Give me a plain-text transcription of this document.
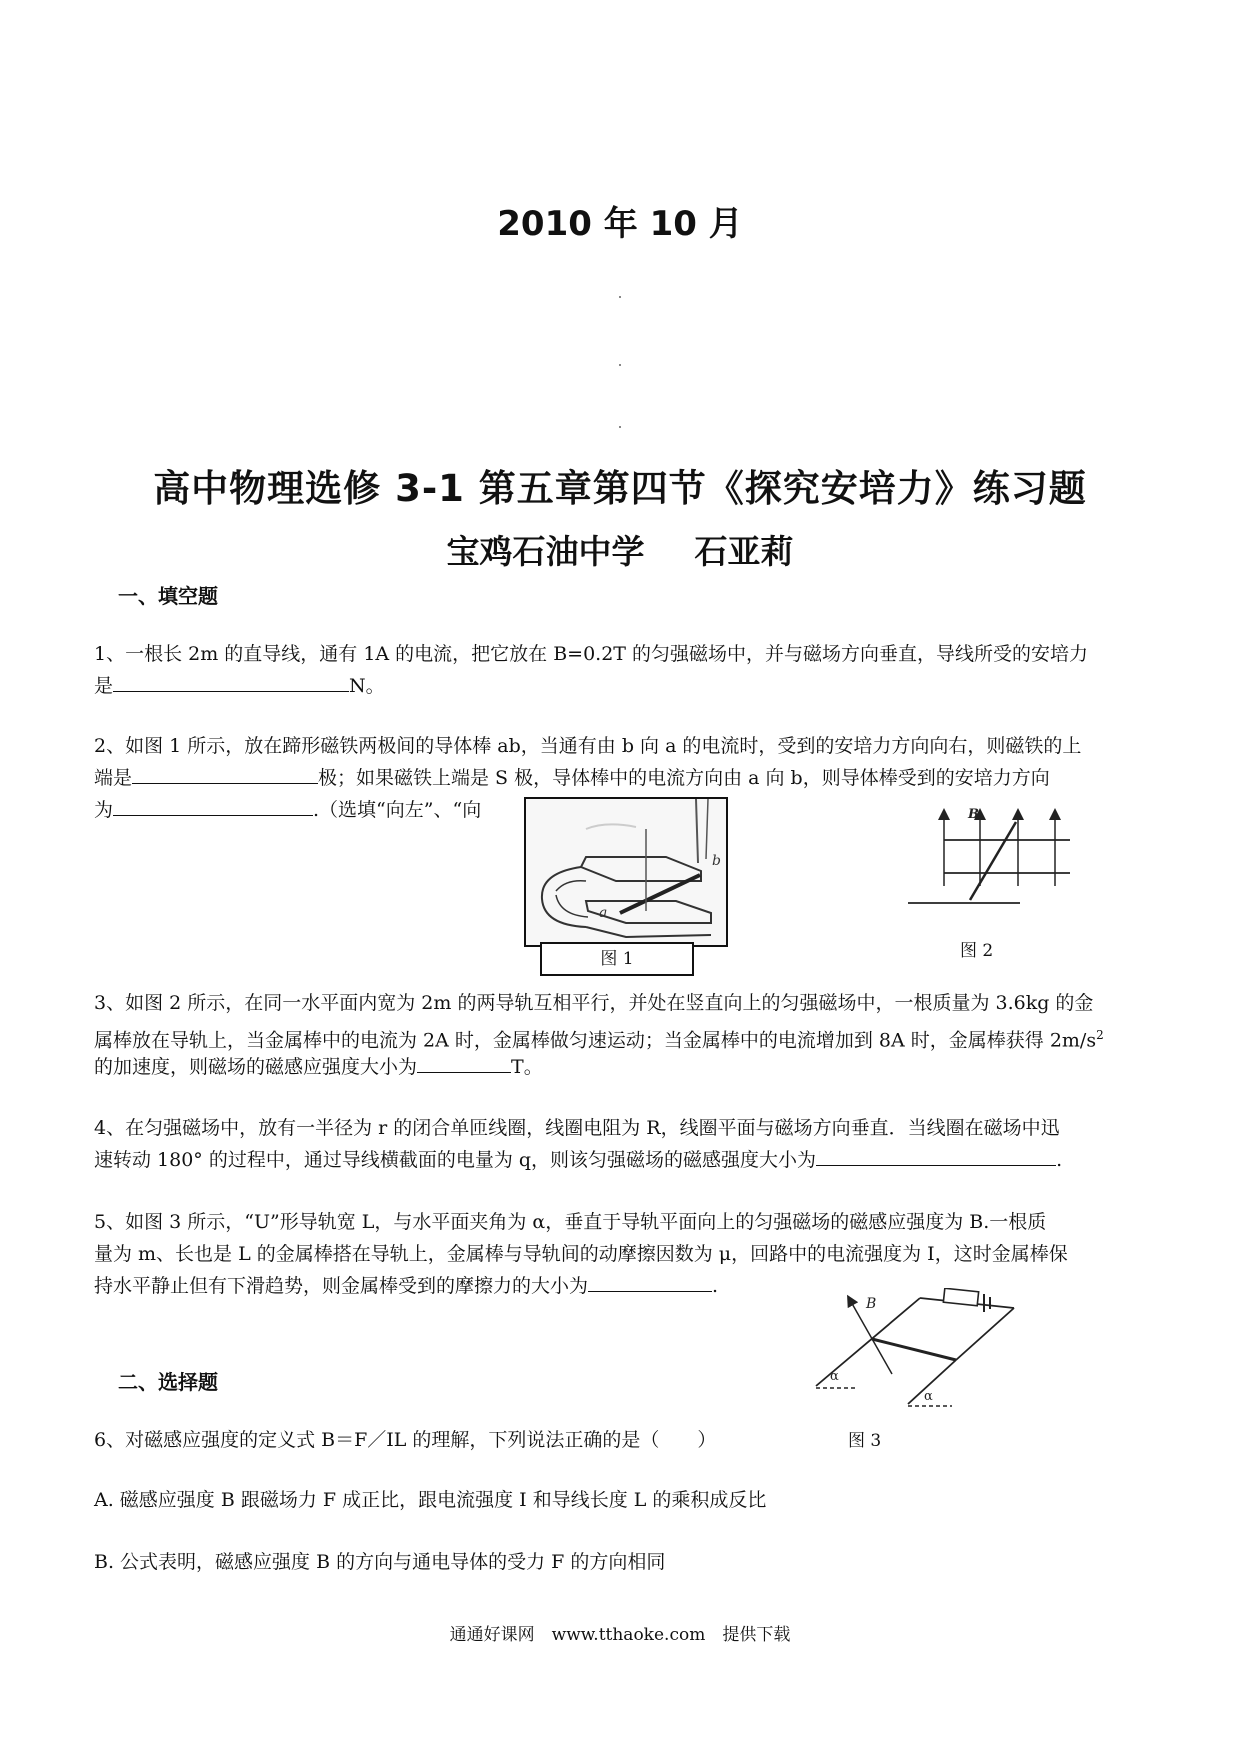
2010 年 10 月
高中物理选修 3-1 第五章第四节《探究安培力》练习题
宝鸡石油中学 石亚莉
一、填空题
1、一根长 2m 的直导线，通有 1A 的电流，把它放在 B=0.2T 的匀强磁场中，并与磁场方向垂直，导线所受的安培力
是	N。
2、如图 1 所示，放在蹄形磁铁两极间的导体棒 ab，当通有由 b 向 a 的电流时，受到的安培力方向向右，则磁铁的上
端是	极；如果磁铁上端是 S 极，导体棒中的电流方向由 a 向 b，则导体棒受到的安培力方向
为	.（选填“向左”、“向
a
b
图 1
B
图 2
3、如图 2 所示，在同一水平面内宽为 2m 的两导轨互相平行，并处在竖直向上的匀强磁场中，一根质量为 3.6kg 的金
属棒放在导轨上，当金属棒中的电流为 2A 时，金属棒做匀速运动；当金属棒中的电流增加到 8A 时，金属棒获得 $2m/s^2$
的加速度，则磁场的磁感应强度大小为	T。
4、在匀强磁场中，放有一半径为 r 的闭合单匝线圈，线圈电阻为 R，线圈平面与磁场方向垂直．当线圈在磁场中迅
速转动 180° 的过程中，通过导线横截面的电量为 q，则该匀强磁场的磁感强度大小为	.
5、如图 3 所示，“U”形导轨宽 L，与水平面夹角为 α，垂直于导轨平面向上的匀强磁场的磁感应强度为 B.一根质
量为 m、长也是 L 的金属棒搭在导轨上，金属棒与导轨间的动摩擦因数为 μ，回路中的电流强度为 I，这时金属棒保
持水平静止但有下滑趋势，则金属棒受到的摩擦力的大小为	.
B
α
α
图 3
二、选择题
6、对磁感应强度的定义式 B＝F／IL 的理解，下列说法正确的是（　　）
A. 磁感应强度 B 跟磁场力 F 成正比，跟电流强度 I 和导线长度 L 的乘积成反比
B. 公式表明，磁感应强度 B 的方向与通电导体的受力 F 的方向相同
通通好课网　www.tthaoke.com　提供下载
